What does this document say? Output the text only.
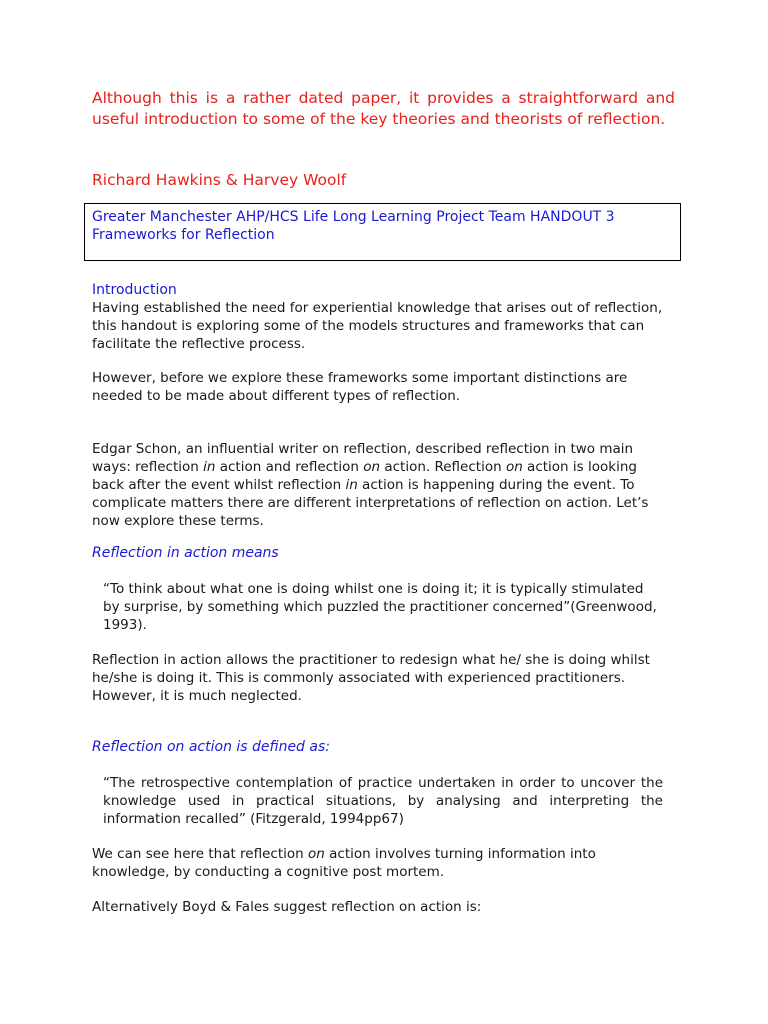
Although this is a rather dated paper, it provides a straightforward and useful introduction to some of the key theories and theorists of reflection.

Richard Hawkins & Harvey Woolf

Greater Manchester AHP/HCS Life Long Learning Project Team HANDOUT 3
Frameworks for Reflection
Introduction
Having established the need for experiential knowledge that arises out of reflection, this handout is exploring some of the models structures and frameworks that can facilitate the reflective process.

However, before we explore these frameworks some important distinctions are needed to be made about different types of reflection.

Edgar Schon, an influential writer on reflection, described reflection in two main ways: reflection in action and reflection on action. Reflection on action is looking back after the event whilst reflection in action is happening during the event. To complicate matters there are different interpretations of reflection on action. Let’s now explore these terms.

Reflection in action means

“To think about what one is doing whilst one is doing it; it is typically stimulated by surprise, by something which puzzled the practitioner concerned”(Greenwood, 1993).

Reflection in action allows the practitioner to redesign what he/ she is doing whilst he/she is doing it. This is commonly associated with experienced practitioners. However, it is much neglected.

Reflection on action is defined as:

“The retrospective contemplation of practice undertaken in order to uncover the knowledge used in practical situations, by analysing and interpreting the information recalled” (Fitzgerald, 1994pp67)

We can see here that reflection on action involves turning information into knowledge, by conducting a cognitive post mortem.

Alternatively Boyd & Fales suggest reflection on action is:
